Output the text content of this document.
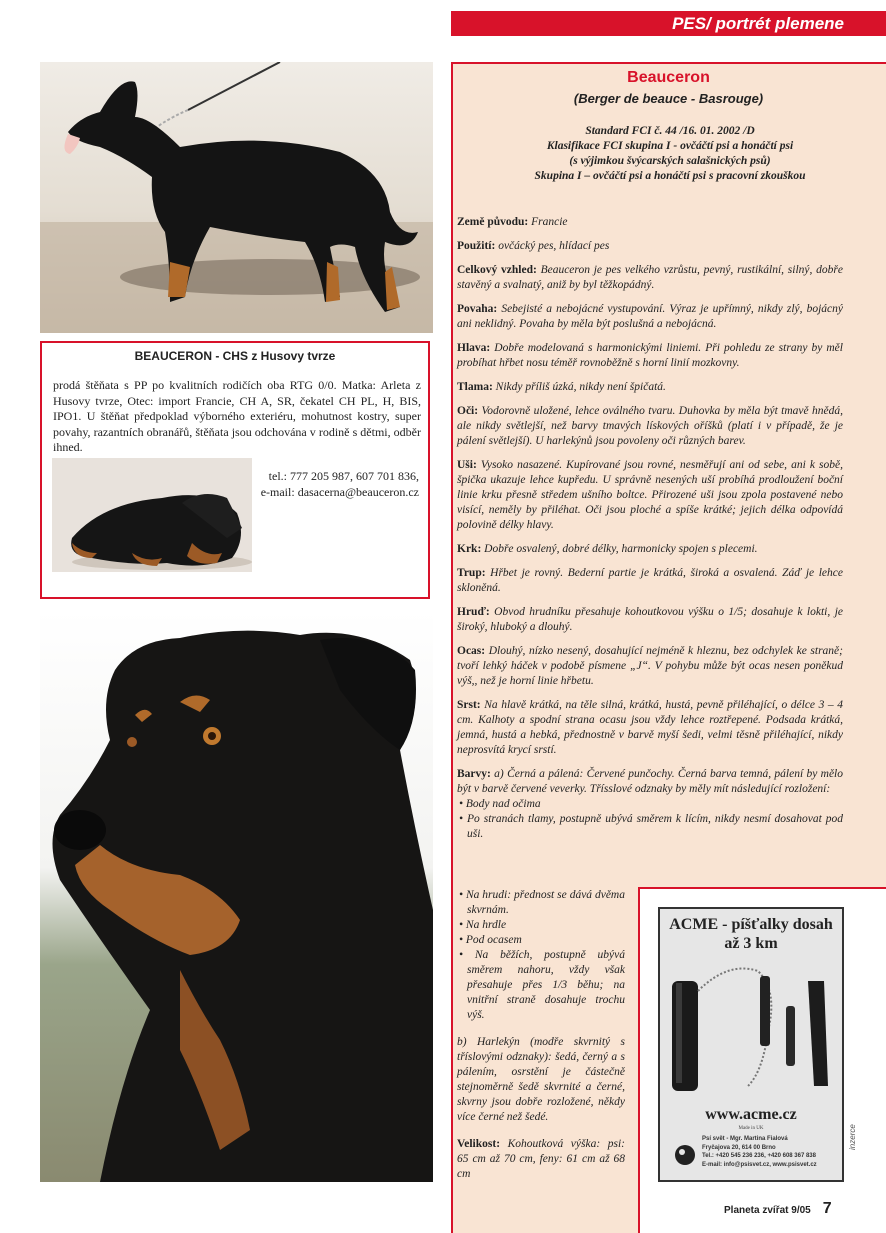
PES/ portrét plemene
BEAUCERON - CHS z Husovy tvrze
prodá štěňata s PP po kvalitních rodičích oba RTG 0/0. Matka: Arleta z Husovy tvrze, Otec: import Francie, CH A, SR, čekatel CH PL, H, BIS, IPO1. U štěňat předpoklad výborného exteriéru, mohutnost kostry, super povahy, razantních obranářů, štěňata jsou odchována v rodině s dětmi, odběr ihned.
tel.: 777 205 987, 607 701 836,
e-mail: dasacerna@beauceron.cz
Beauceron
(Berger de beauce - Basrouge)
Standard FCI č. 44 /16. 01. 2002 /D
Klasifikace FCI skupina I - ovčáčtí psi a honáčtí psi
(s výjimkou švýcarských salašnických psů)
Skupina I – ovčáčtí psi a honáčtí psi s pracovní zkouškou

Země původu: Francie

Použití: ovčácký pes, hlídací pes

Celkový vzhled: Beauceron je pes velkého vzrůstu, pevný, rustikální, silný, dobře stavěný a svalnatý, aniž by byl těžkopádný.

Povaha: Sebejisté a nebojácné vystupování. Výraz je upřímný, nikdy zlý, bojácný ani neklidný. Povaha by měla být poslušná a nebojácná.

Hlava: Dobře modelovaná s harmonickými liniemi. Při pohledu ze strany by měl probíhat hřbet nosu téměř rovnoběžně s horní linií mozkovny.

Tlama: Nikdy příliš úzká, nikdy není špičatá.

Oči: Vodorovně uložené, lehce oválného tvaru. Duhovka by měla být tmavě hnědá, ale nikdy světlejší, než barvy tmavých lískových oříšků (platí i v případě, že je pálení světlejší). U harlekýnů jsou povoleny oči různých barev.

Uši: Vysoko nasazené. Kupírované jsou rovné, nesměřují ani od sebe, ani k sobě, špička ukazuje lehce kupředu. U správně nesených uší probíhá prodloužení boční linie krku přesně středem ušního boltce. Přirozené uši jsou zpola postavené nebo visící, neměly by přiléhat. Oči jsou ploché a spíše krátké; jejich délka odpovídá polovině délky hlavy.

Krk: Dobře osvalený, dobré délky, harmonicky spojen s plecemi.

Trup: Hřbet je rovný. Bederní partie je krátká, široká a osvalená. Záď je lehce skloněná.

Hruď: Obvod hrudníku přesahuje kohoutkovou výšku o 1/5; dosahuje k lokti, je široký, hluboký a dlouhý.

Ocas: Dlouhý, nízko nesený, dosahující nejméně k hleznu, bez odchylek ke straně; tvoří lehký háček v podobě písmene „J“. V pohybu může být ocas nesen poněkud výš,, než je horní linie hřbetu.

Srst: Na hlavě krátká, na těle silná, krátká, hustá, pevně přiléhající, o délce 3 – 4 cm. Kalhoty a spodní strana ocasu jsou vždy lehce roztřepené. Podsada krátká, jemná, hustá a hebká, přednostně v barvě myší šedi, velmi těsně přiléhající, nikdy neprosvítá krycí srstí.

Barvy: a) Černá a pálená: Červené punčochy. Černá barva temná, pálení by mělo být v barvě červené veverky. Třísslové odznaky by měly mít následující rozložení:

• Body nad očima
• Po stranách tlamy, postupně ubývá směrem k lícím, nikdy nesmí dosahovat pod uši.
• Na hrudi: přednost se dává dvěma skvrnám.
• Na hrdle
• Pod ocasem
• Na běžích, postupně ubývá směrem nahoru, vždy však přesahuje přes 1/3 běhu; na vnitřní straně dosahuje trochu výš.

b) Harlekýn (modře skvrnitý s tříslovými odznaky): šedá, černý a s pálením, osrstění je částečně stejnoměrně šedě skvrnité a černé, skvrny jsou dobře rozložené, někdy více černé než šedé.

Velikost: Kohoutková výška: psi: 65 cm až 70 cm, feny: 61 cm až 68 cm

ACME - píšťalky dosah až 3 km
www.acme.cz
Made in UK
Psí svět - Mgr. Martina Fialová
Fryčajova 20, 614 00 Brno
Tel.: +420 545 236 236, +420 608 367 838
E-mail: info@psisvet.cz, www.psisvet.cz
inzerce
Planeta zvířat 9/05 7
